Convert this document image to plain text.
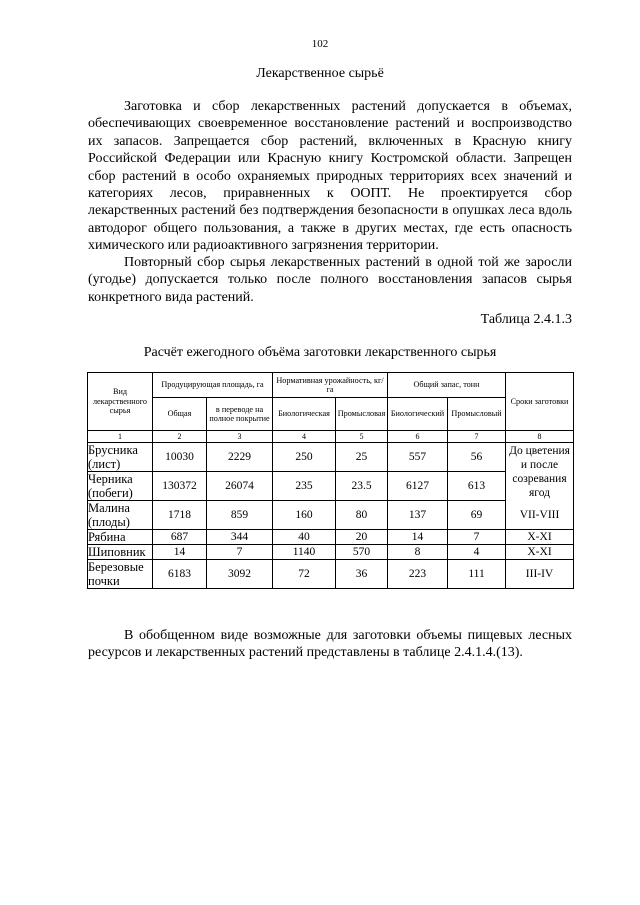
102
Лекарственное сырьё

Заготовка и сбор лекарственных растений допускается в объемах, обеспечивающих своевременное восстановление растений и воспроизводство их запасов. Запрещается сбор растений, включенных в Красную книгу Российской Федерации или Красную книгу Костромской области. Запрещен сбор растений в особо охраняемых природных территориях всех значений и категориях лесов, приравненных к ООПТ. Не проектируется сбор лекарственных растений без подтверждения безопасности в опушках леса вдоль автодорог общего пользования, а также в других местах, где есть опасность химического или радиоактивного загрязнения территории.

Повторный сбор сырья лекарственных растений в одной той же заросли (угодье) допускается только после полного восстановления запасов сырья конкретного вида растений.

Таблица 2.4.1.3
Расчёт ежегодного объёма заготовки лекарственного сырья
Вид лекарственного сырья	Продуцирующая площадь, га		Нормативная урожайность, кг/га		Общий запас, тонн		Сроки заготовки
	Общая	в переводе на полное покрытие	Биологическая	Промысловая	Биологический	Промысловый	
1	2	3	4	5	6	7	8
Брусника (лист)	10030	2229	250	25	557	56	До цветения и после созревания ягод
Черника (побеги)	130372	26074	235	23.5	6127	613	
Малина (плоды)	1718	859	160	80	137	69	VII-VIII
Рябина	687	344	40	20	14	7	X-XI
Шиповник	14	7	1140	570	8	4	X-XI
Березовые почки	6183	3092	72	36	223	111	III-IV

В обобщенном виде возможные для заготовки объемы пищевых лесных ресурсов и лекарственных растений представлены в таблице 2.4.1.4.(13).
